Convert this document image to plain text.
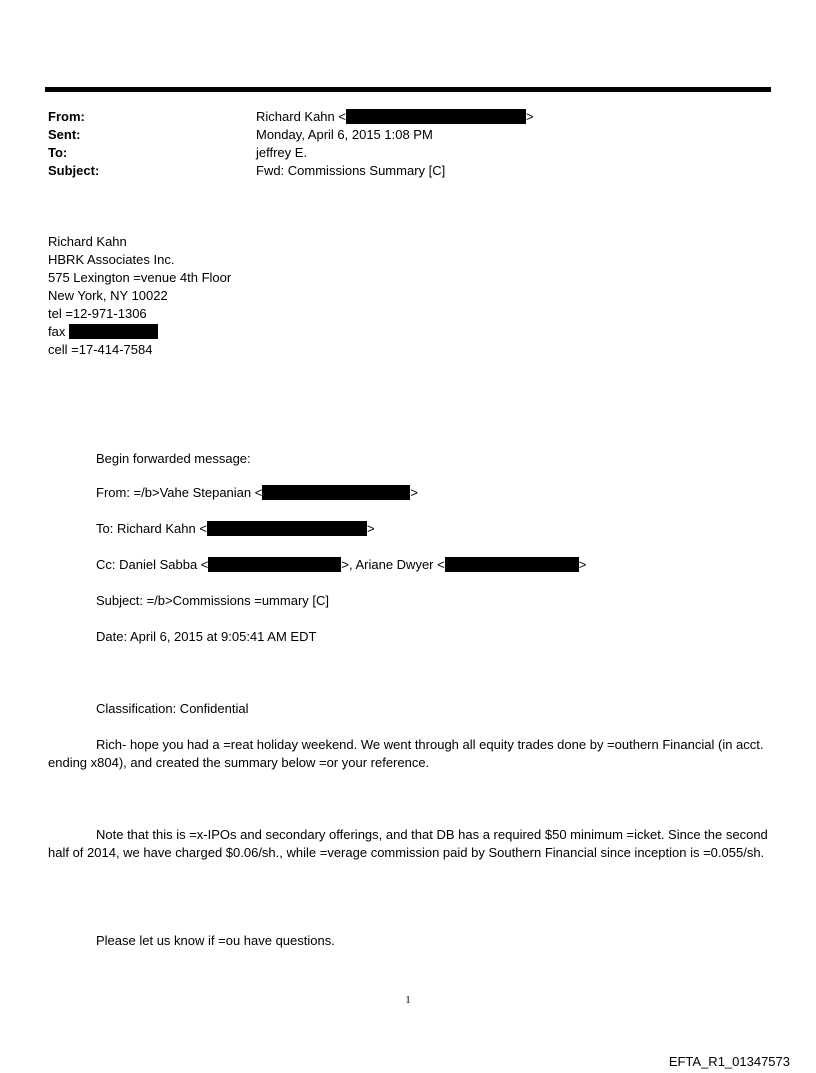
From:	Richard Kahn <	>
Sent:	Monday, April 6, 2015 1:08 PM
To:	jeffrey E.
Subject:	Fwd: Commissions Summary [C]
Richard Kahn
HBRK Associates Inc.
575 Lexington =venue 4th Floor
New York, NY 10022
tel =12-971-1306
fax
cell =17-414-7584
Begin forwarded message:
From: =/b>Vahe Stepanian <	>
To: Richard Kahn <	>
Cc: Daniel Sabba <	>, Ariane Dwyer <	>
Subject: =/b>Commissions =ummary [C]
Date: April 6, 2015 at 9:05:41 AM EDT
Classification: Confidential
Rich- hope you had a =reat holiday weekend. We went through all equity trades done by =outhern Financial (in acct. ending x804), and created the summary below =or your reference.
Note that this is =x-IPOs and secondary offerings, and that DB has a required $50 minimum =icket. Since the second half of 2014, we have charged $0.06/sh., while =verage commission paid by Southern Financial since inception is =0.055/sh.
Please let us know if =ou have questions.
1
EFTA_R1_01347573
